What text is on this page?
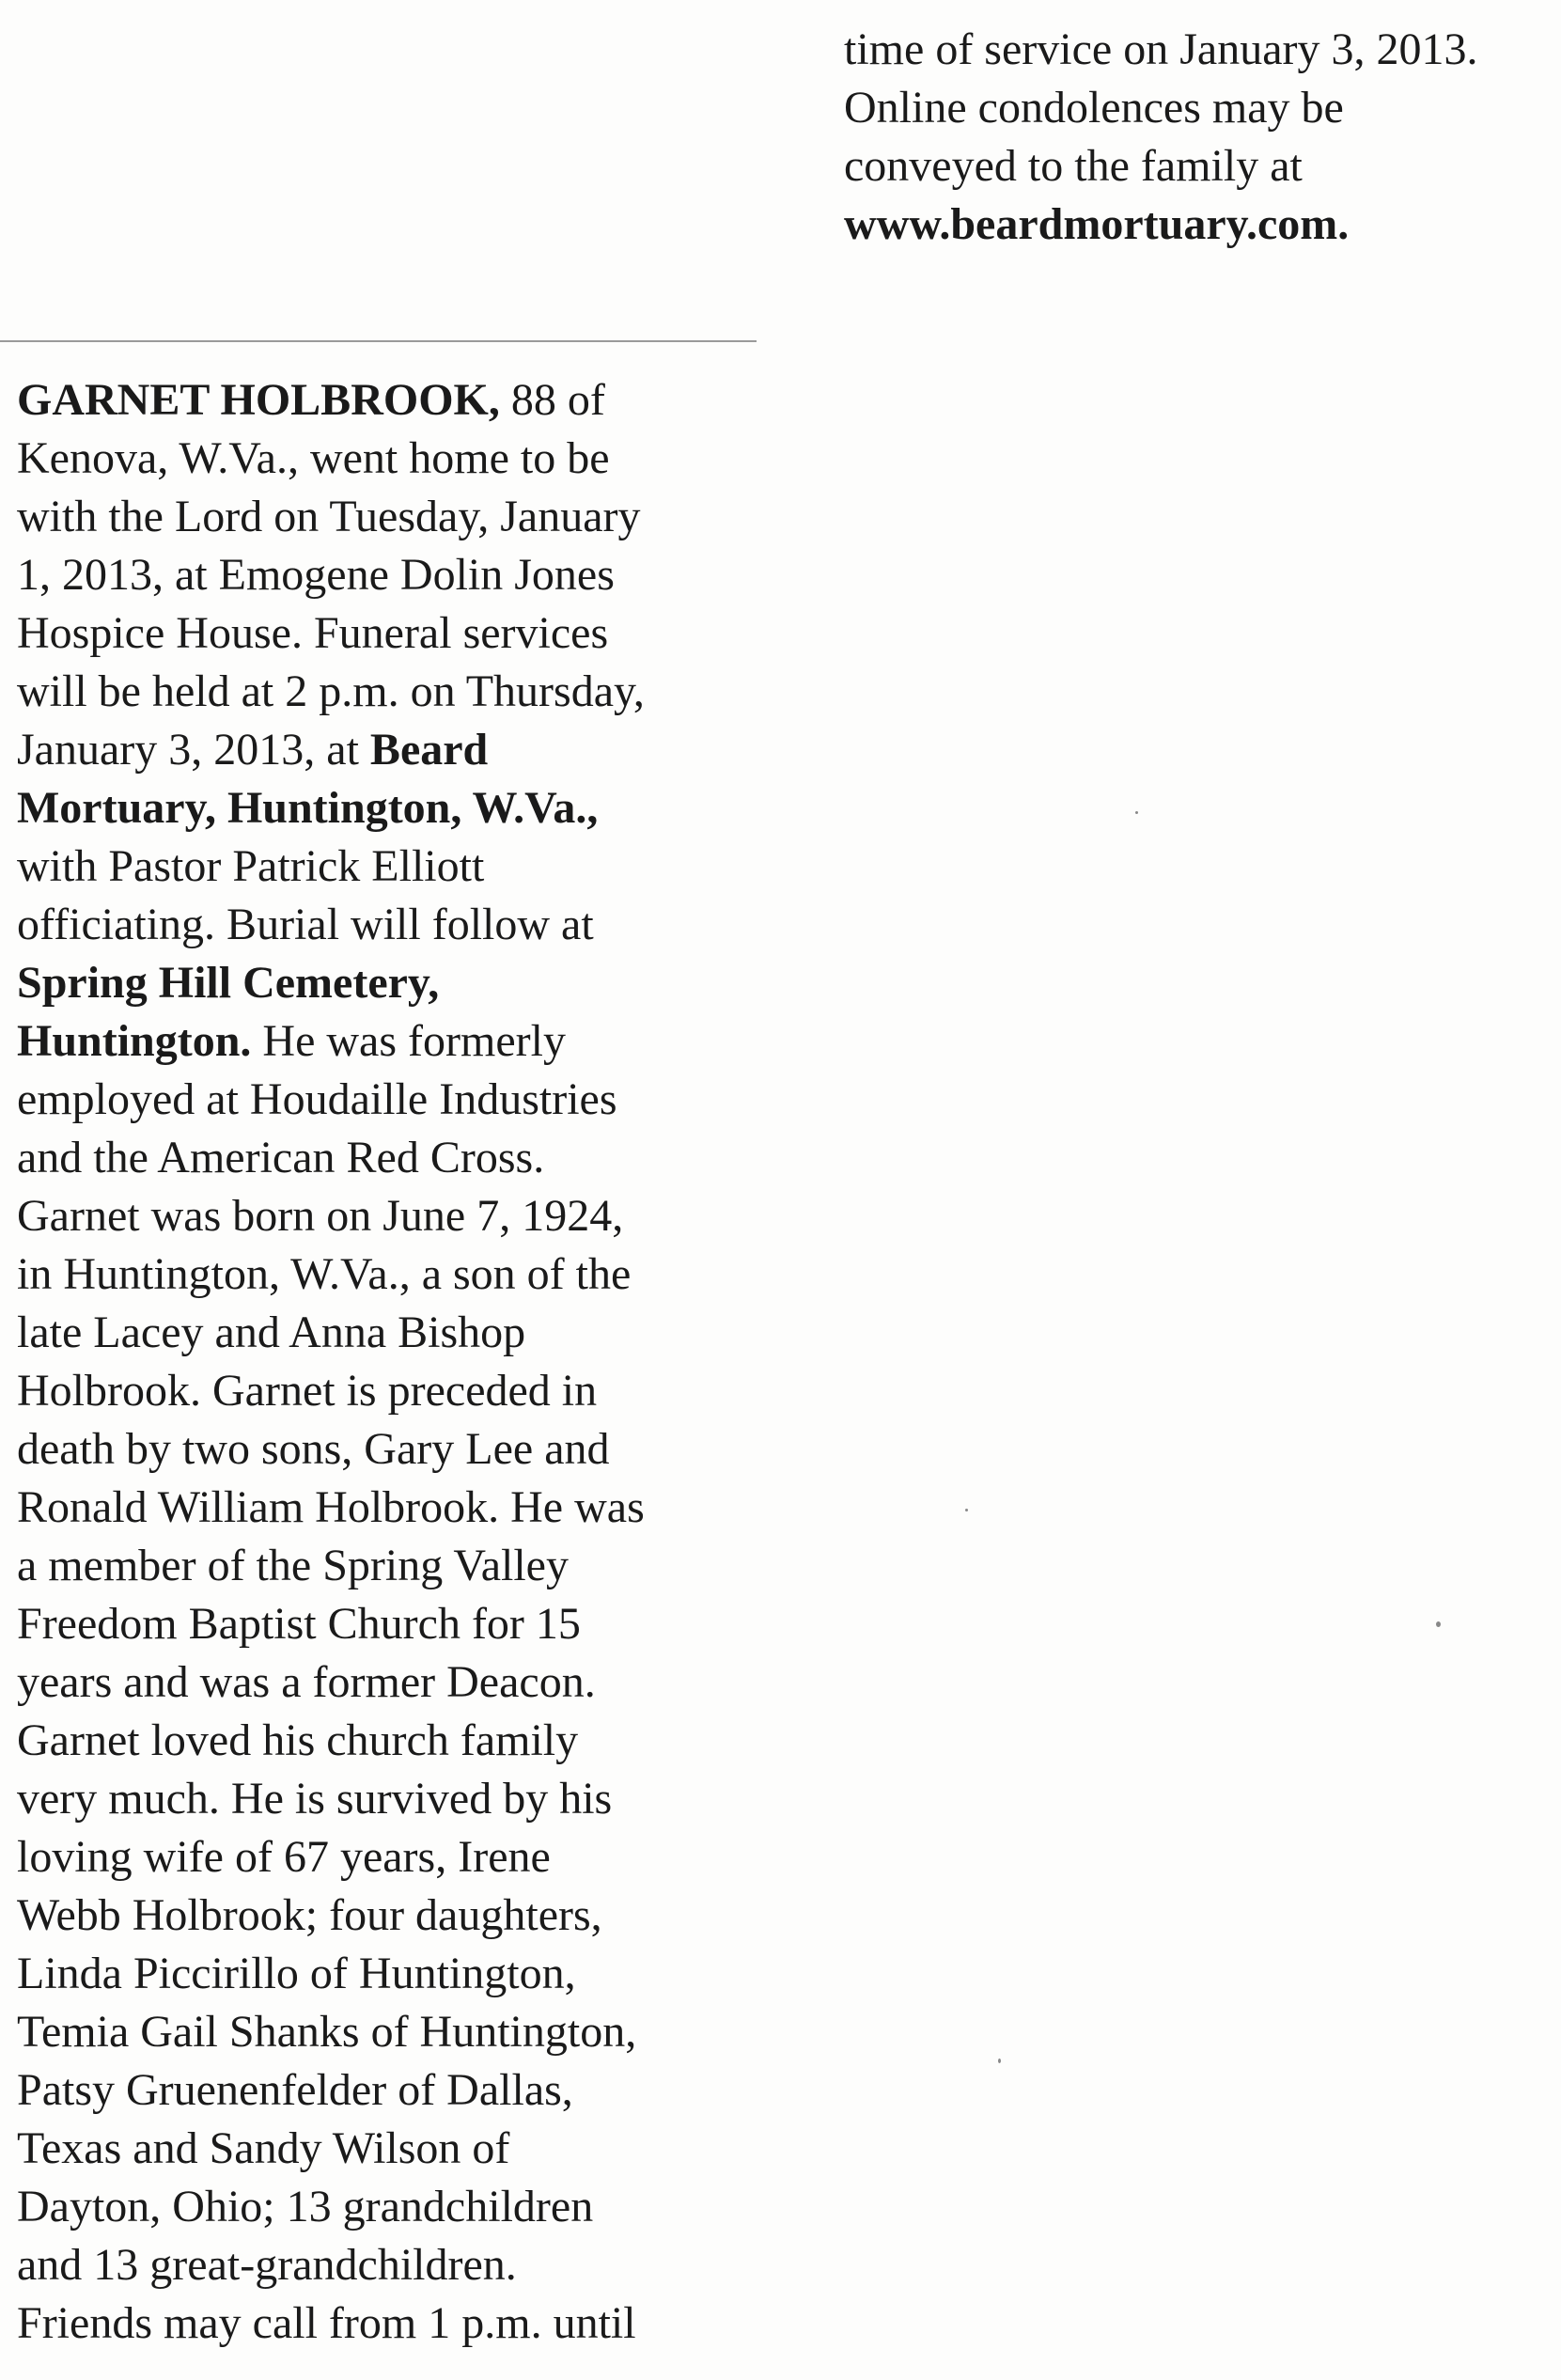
time of service on January 3, 2013.
Online condolences may be
conveyed to the family at
www.beardmortuary.com.
GARNET HOLBROOK, 88 of
Kenova, W.Va., went home to be
with the Lord on Tuesday, January
1, 2013, at Emogene Dolin Jones
Hospice House. Funeral services
will be held at 2 p.m. on Thursday,
January 3, 2013, at Beard
Mortuary, Huntington, W.Va.,
with Pastor Patrick Elliott
officiating. Burial will follow at
Spring Hill Cemetery,
Huntington. He was formerly
employed at Houdaille Industries
and the American Red Cross.
Garnet was born on June 7, 1924,
in Huntington, W.Va., a son of the
late Lacey and Anna Bishop
Holbrook. Garnet is preceded in
death by two sons, Gary Lee and
Ronald William Holbrook. He was
a member of the Spring Valley
Freedom Baptist Church for 15
years and was a former Deacon.
Garnet loved his church family
very much. He is survived by his
loving wife of 67 years, Irene
Webb Holbrook; four daughters,
Linda Piccirillo of Huntington,
Temia Gail Shanks of Huntington,
Patsy Gruenenfelder of Dallas,
Texas and Sandy Wilson of
Dayton, Ohio; 13 grandchildren
and 13 great-grandchildren.
Friends may call from 1 p.m. until
